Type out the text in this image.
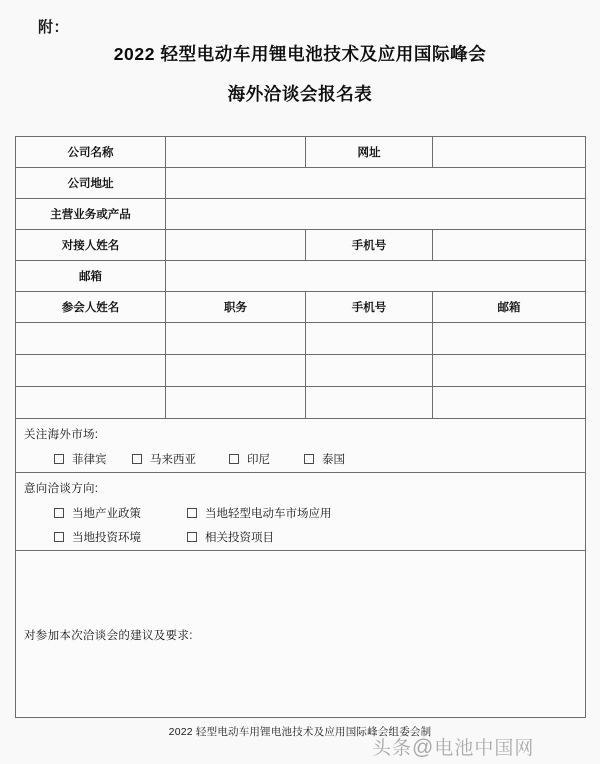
附：
2022 轻型电动车用锂电池技术及应用国际峰会
海外洽谈会报名表
公司名称		网址	
公司地址			
主营业务或产品			
对接人姓名		手机号	
邮箱			
参会人姓名	职务	手机号	邮箱

关注海外市场:
菲律宾 马来西亚 印尼 泰国			

意向洽谈方向:
当地产业政策 当地轻型电动车市场应用
当地投资环境 相关投资项目			

对参加本次洽谈会的建议及要求:			
2022 轻型电动车用锂电池技术及应用国际峰会组委会制
头条@电池中国网
